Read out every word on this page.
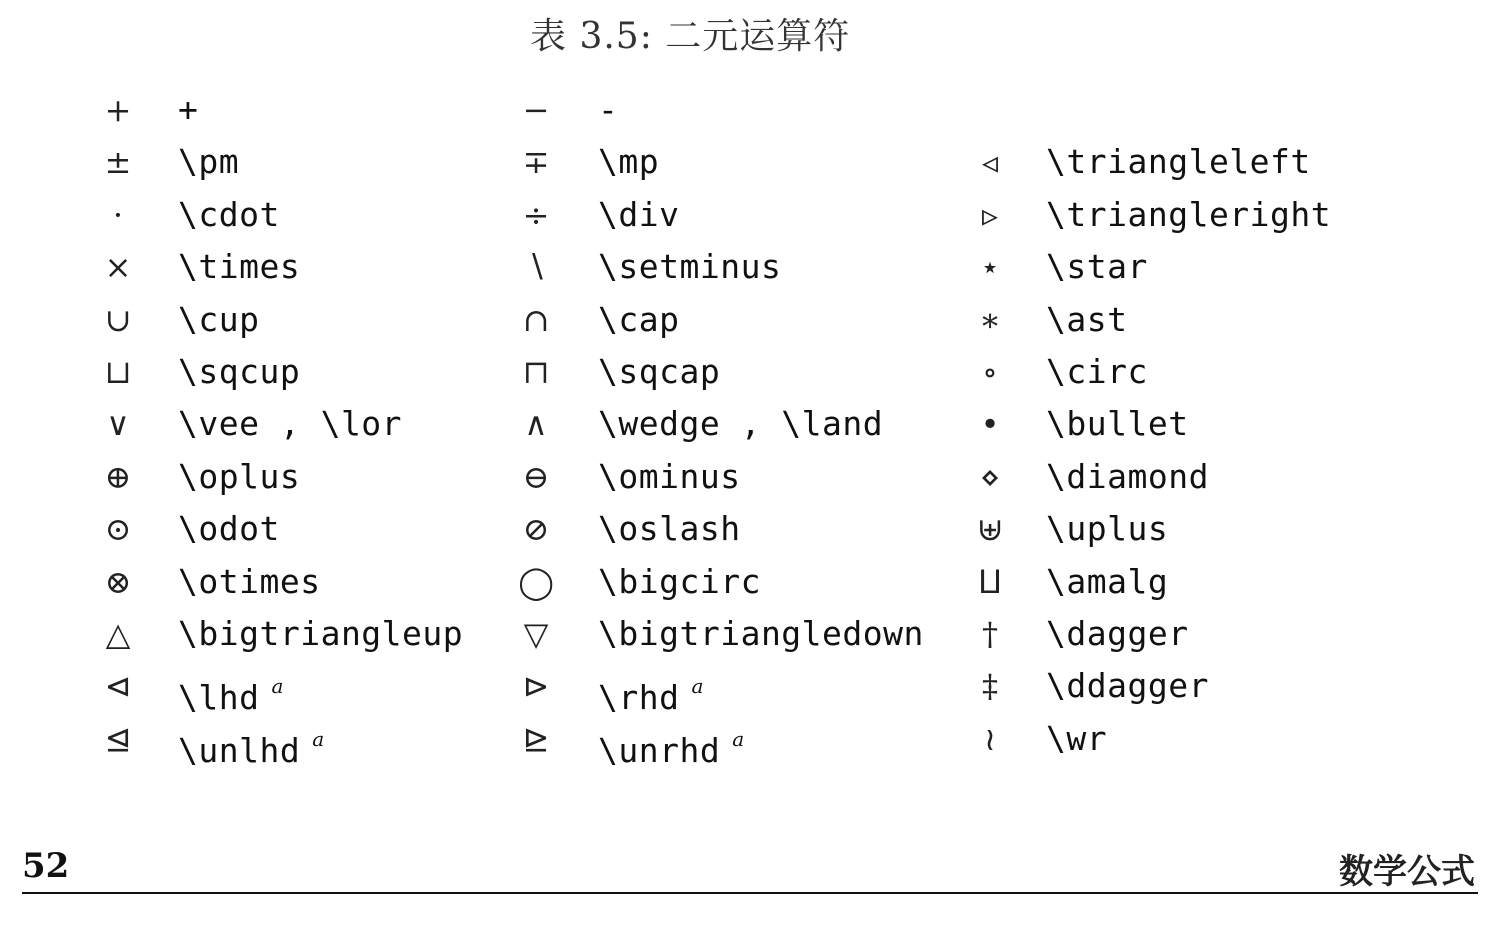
表 3.5: 二元运算符
+	+	−	-
±	\pm	∓	\mp	◃	\triangleleft
·	\cdot	÷	\div	▹	\triangleright
×	\times	∖	\setminus	⋆	\star
∪	\cup	∩	\cap	∗	\ast
⊔	\sqcup	⊓	\sqcap	∘	\circ
∨	\vee , \lor	∧	\wedge , \land	•	\bullet
⊕	\oplus	⊖	\ominus	⋄	\diamond
⊙	\odot	⊘	\oslash	⊎	\uplus
⊗	\otimes	◯	\bigcirc	⨿	\amalg
△	\bigtriangleup	▽	\bigtriangledown	†	\dagger
⊲	\lhd $^a$	⊳	\rhd $^a$	‡	\ddagger
⊴	\unlhd $^a$	⊵	\unrhd $^a$	≀	\wr
52	数学公式
